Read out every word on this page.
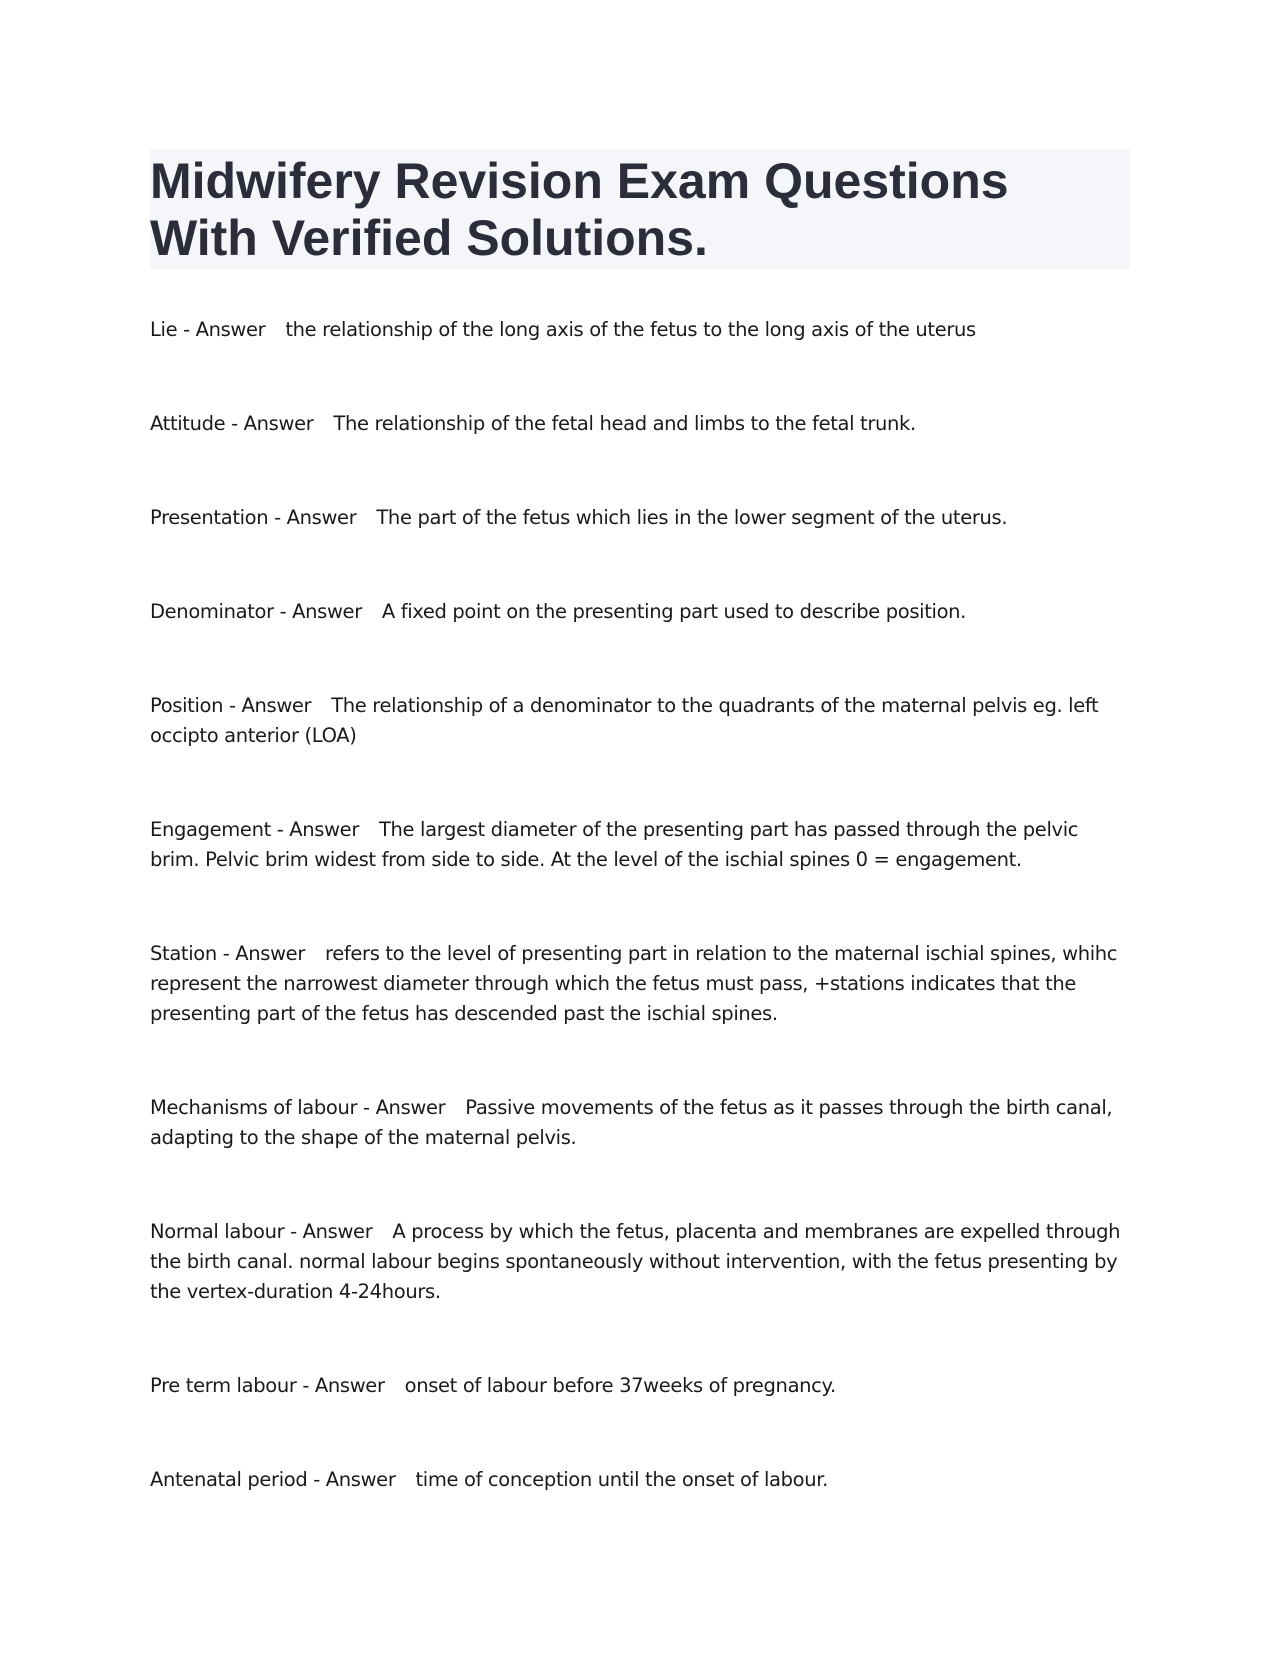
Midwifery Revision Exam Questions With Verified Solutions.

Lie - Answer the relationship of the long axis of the fetus to the long axis of the uterus

Attitude - Answer The relationship of the fetal head and limbs to the fetal trunk.

Presentation - Answer The part of the fetus which lies in the lower segment of the uterus.

Denominator - Answer A fixed point on the presenting part used to describe position.

Position - Answer The relationship of a denominator to the quadrants of the maternal pelvis eg. left occipto anterior (LOA)

Engagement - Answer The largest diameter of the presenting part has passed through the pelvic brim. Pelvic brim widest from side to side. At the level of the ischial spines 0 = engagement.

Station - Answer refers to the level of presenting part in relation to the maternal ischial spines, whihc represent the narrowest diameter through which the fetus must pass, +stations indicates that the presenting part of the fetus has descended past the ischial spines.

Mechanisms of labour - Answer Passive movements of the fetus as it passes through the birth canal, adapting to the shape of the maternal pelvis.

Normal labour - Answer A process by which the fetus, placenta and membranes are expelled through the birth canal. normal labour begins spontaneously without intervention, with the fetus presenting by the vertex-duration 4-24hours.

Pre term labour - Answer onset of labour before 37weeks of pregnancy.

Antenatal period - Answer time of conception until the onset of labour.
